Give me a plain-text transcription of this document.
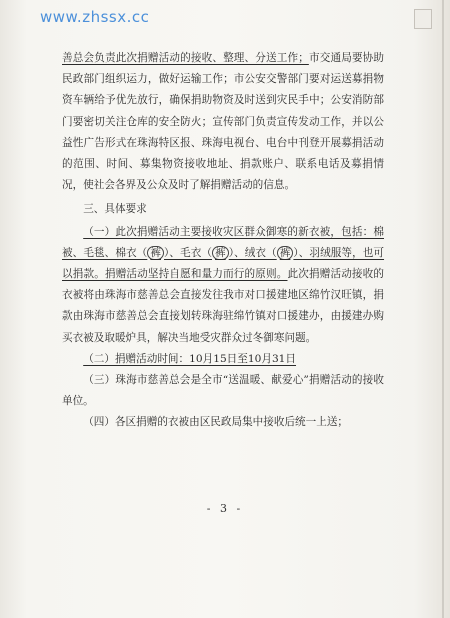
www.zhssx.cc

善总会负责此次捐赠活动的接收、整理、分送工作；市交通局要协助民政部门组织运力，做好运输工作；市公安交警部门要对运送募捐物资车辆给予优先放行，确保捐助物资及时送到灾民手中；公安消防部门要密切关注仓库的安全防火；宣传部门负责宣传发动工作，并以公益性广告形式在珠海特区报、珠海电视台、电台中刊登开展募捐活动的范围、时间、募集物资接收地址、捐款账户、联系电话及募捐情况，使社会各界及公众及时了解捐赠活动的信息。

三、具体要求

（一）此次捐赠活动主要接收灾区群众御寒的新衣被，包括：棉被、毛毯、棉衣（ 裤 ）、毛衣（ 裤 ）、绒衣（ 裤 ）、羽绒服等，也可以捐款。捐赠活动坚持自愿和量力而行的原则。此次捐赠活动接收的衣被将由珠海市慈善总会直接发往我市对口援建地区绵竹汉旺镇，捐款由珠海市慈善总会直接划转珠海驻绵竹镇对口援建办，由援建办购买衣被及取暖炉具，解决当地受灾群众过冬御寒问题。

（二）捐赠活动时间：10月15日至10月31日

（三）珠海市慈善总会是全市“送温暖、献爱心”捐赠活动的接收单位。

（四）各区捐赠的衣被由区民政局集中接收后统一上送；

- 3 -
